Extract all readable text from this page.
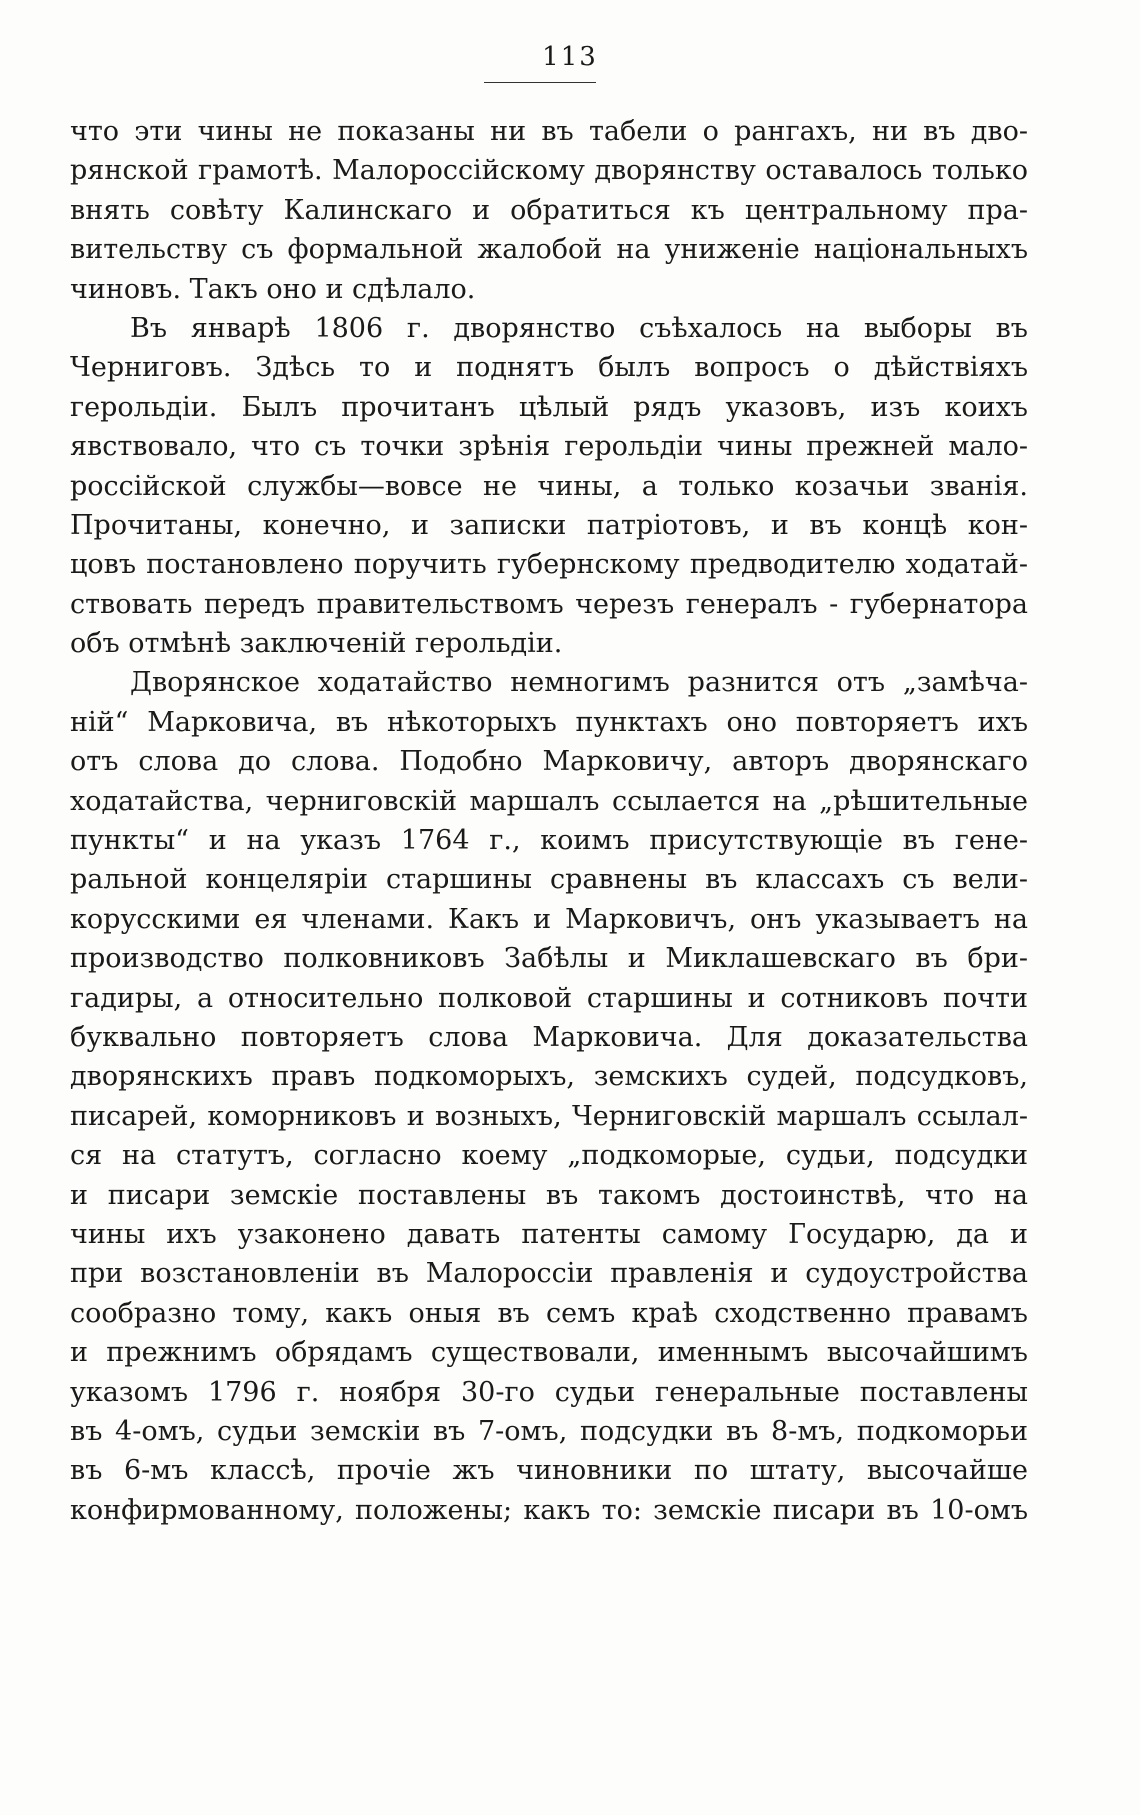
113
что эти чины не показаны ни въ табели о рангахъ, ни въ дво-
рянской грамотѣ. Малороссійскому дворянству оставалось только
внять совѣту Калинскаго и обратиться къ центральному пра-
вительству съ формальной жалобой на униженіе національныхъ
чиновъ. Такъ оно и сдѣлало.
Въ январѣ 1806 г. дворянство съѣхалось на выборы въ
Черниговъ. Здѣсь то и поднятъ былъ вопросъ о дѣйствіяхъ
герольдіи. Былъ прочитанъ цѣлый рядъ указовъ, изъ коихъ
явствовало, что съ точки зрѣнія герольдіи чины прежней мало-
россійской службы—вовсе не чины, а только козачьи званія.
Прочитаны, конечно, и записки патріотовъ, и въ концѣ кон-
цовъ постановлено поручить губернскому предводителю ходатай-
ствовать передъ правительствомъ черезъ генералъ - губернатора
объ отмѣнѣ заключеній герольдіи.
Дворянское ходатайство немногимъ разнится отъ „замѣча-
ній“ Марковича, въ нѣкоторыхъ пунктахъ оно повторяетъ ихъ
отъ слова до слова. Подобно Марковичу, авторъ дворянскаго
ходатайства, черниговскій маршалъ ссылается на „рѣшительные
пункты“ и на указъ 1764 г., коимъ присутствующіе въ гене-
ральной концеляріи старшины сравнены въ классахъ съ вели-
корусскими ея членами. Какъ и Марковичъ, онъ указываетъ на
производство полковниковъ Забѣлы и Миклашевскаго въ бри-
гадиры, а относительно полковой старшины и сотниковъ почти
буквально повторяетъ слова Марковича. Для доказательства
дворянскихъ правъ подкоморыхъ, земскихъ судей, подсудковъ,
писарей, коморниковъ и возныхъ, Черниговскій маршалъ ссылал-
ся на статутъ, согласно коему „подкоморые, судьи, подсудки
и писари земскіе поставлены въ такомъ достоинствѣ, что на
чины ихъ узаконено давать патенты самому Государю, да и
при возстановленіи въ Малороссіи правленія и судоустройства
сообразно тому, какъ оныя въ семъ краѣ сходственно правамъ
и прежнимъ обрядамъ существовали, именнымъ высочайшимъ
указомъ 1796 г. ноября 30-го судьи генеральные поставлены
въ 4-омъ, судьи земскіи въ 7-омъ, подсудки въ 8-мъ, подкоморьи
въ 6-мъ классѣ, прочіе жъ чиновники по штату, высочайше
конфирмованному, положены; какъ то: земскіе писари въ 10-омъ
